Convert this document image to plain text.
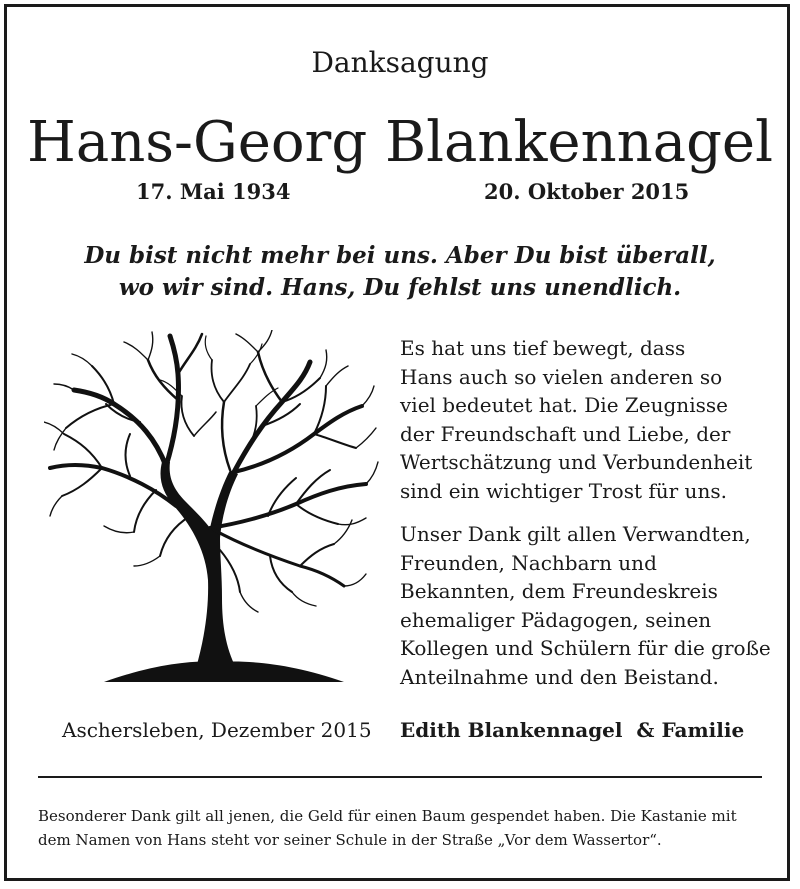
Danksagung
Hans-Georg Blankennagel
17. Mai 1934	20. Oktober 2015
Du bist nicht mehr bei uns. Aber Du bist überall,
wo wir sind. Hans, Du fehlst uns unendlich.
Es hat uns tief bewegt, dass
Hans auch so vielen anderen so
viel bedeutet hat. Die Zeugnisse
der Freundschaft und Liebe, der
Wertschätzung und Verbundenheit
sind ein wichtiger Trost für uns.
Unser Dank gilt allen Verwandten,
Freunden, Nachbarn und
Bekannten, dem Freundeskreis
ehemaliger Pädagogen, seinen
Kollegen und Schülern für die große
Anteilnahme und den Beistand.
Aschersleben, Dezember 2015 Edith Blankennagel  & Familie
Besonderer Dank gilt all jenen, die Geld für einen Baum gespendet haben. Die Kastanie mit
dem Namen von Hans steht vor seiner Schule in der Straße „Vor dem Wassertor“.
